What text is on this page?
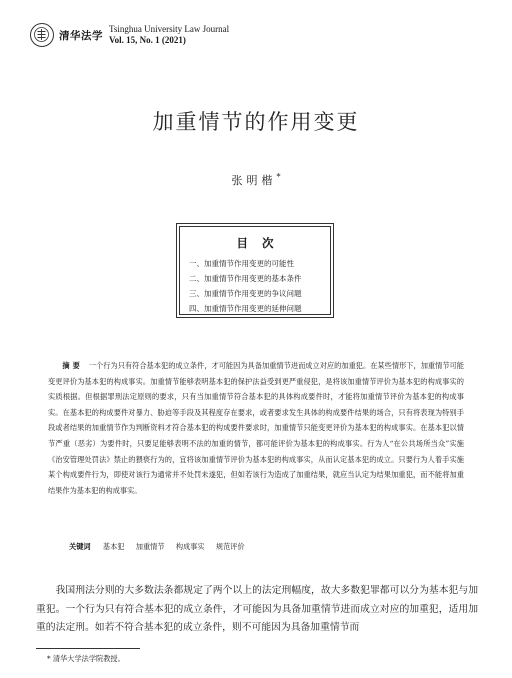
清华法学
Tsinghua University Law Journal
Vol. 15, No. 1 (2021)
加重情节的作用变更
张明楷*
目次
一、加重情节作用变更的可能性
二、加重情节作用变更的基本条件
三、加重情节作用变更的争议问题
四、加重情节作用变更的延伸问题
摘要 一个行为只有符合基本犯的成立条件，才可能因为具备加重情节进而成立对应的加重犯。在某些情形下，加重情节可能变更评价为基本犯的构成事实。加重情节能够表明基本犯的保护法益受到更严重侵犯，是将该加重情节评价为基本犯的构成事实的实质根据。但根据罪刑法定原则的要求，只有当加重情节符合基本犯的具体构成要件时，才能将加重情节评价为基本犯的构成事实。在基本犯的构成要件对暴力、胁迫等手段及其程度存在要求，或者要求发生具体的构成要件结果的场合，只有将表现为特别手段或者结果的加重情节作为判断资料才符合基本犯的构成要件要求时，加重情节只能变更评价为基本犯的构成事实。在基本犯以情节严重（恶劣）为要件时，只要足能够表明不法的加重的情节，都可能评价为基本犯的构成事实。行为人“在公共场所当众”实施《治安管理处罚法》禁止的猥亵行为的，宜将该加重情节评价为基本犯的构成事实，从而认定基本犯的成立。只要行为人着手实施某个构成要件行为，即使对该行为通常并不处罚未遂犯，但如若该行为造成了加重结果，就应当认定为结果加重犯，而不能将加重结果作为基本犯的构成事实。
关键词 基本犯 加重情节 构成事实 规范评价
我国刑法分则的大多数法条都规定了两个以上的法定刑幅度，故大多数犯罪都可以分为基本犯与加重犯。一个行为只有符合基本犯的成立条件，才可能因为具备加重情节进而成立对应的加重犯，适用加重的法定刑。如若不符合基本犯的成立条件，则不可能因为具备加重情节而
* 清华大学法学院教授。
